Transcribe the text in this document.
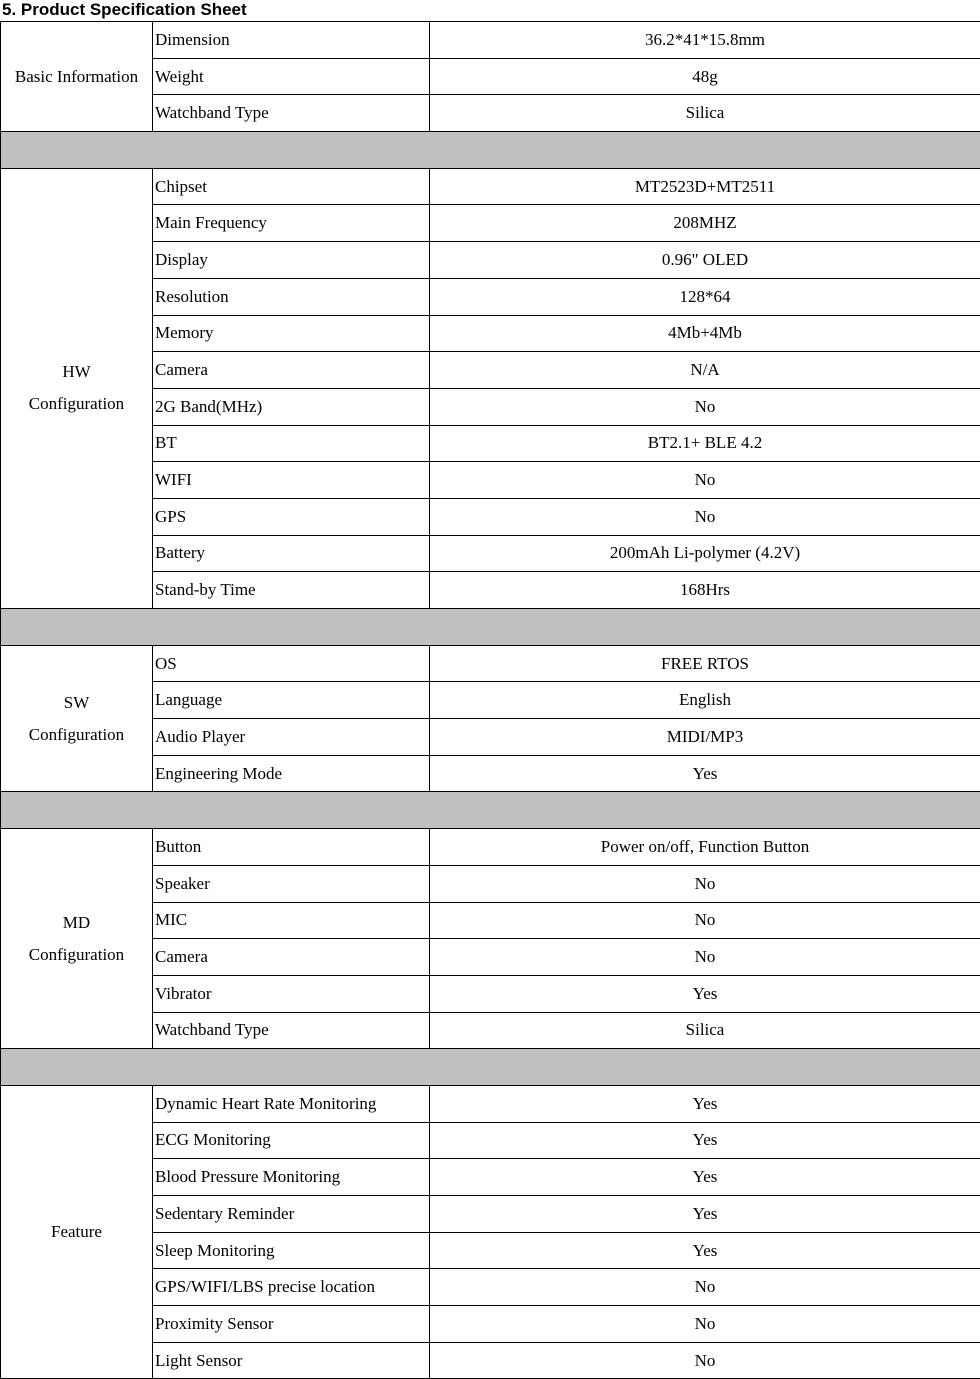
5. Product Specification Sheet
Basic Information	Dimension	36.2*41*15.8mm
	Weight	48g
	Watchband Type	Silica

HW
Configuration	Chipset	MT2523D+MT2511
	Main Frequency	208MHZ
	Display	0.96" OLED
	Resolution	128*64
	Memory	4Mb+4Mb
	Camera	N/A
	2G Band(MHz)	No
	BT	BT2.1+ BLE 4.2
	WIFI	No
	GPS	No
	Battery	200mAh Li-polymer (4.2V)
	Stand-by Time	168Hrs

SW
Configuration	OS	FREE RTOS
	Language	English
	Audio Player	MIDI/MP3
	Engineering Mode	Yes

MD
Configuration	Button	Power on/off, Function Button
	Speaker	No
	MIC	No
	Camera	No
	Vibrator	Yes
	Watchband Type	Silica

Feature	Dynamic Heart Rate Monitoring	Yes
	ECG Monitoring	Yes
	Blood Pressure Monitoring	Yes
	Sedentary Reminder	Yes
	Sleep Monitoring	Yes
	GPS/WIFI/LBS precise location	No
	Proximity Sensor	No
	Light Sensor	No
